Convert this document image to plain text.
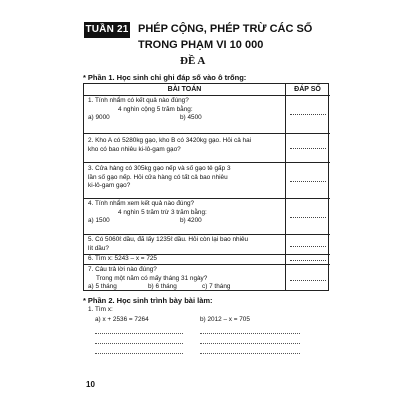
TUẦN 21 PHÉP CỘNG, PHÉP TRỪ CÁC SỐ
TRONG PHẠM VI 10 000
ĐỀ A
* Phần 1. Học sinh chỉ ghi đáp số vào ô trống:
BÀI TOÁN	ĐÁP SỐ
1. Tính nhẩm có kết quả nào đúng?
4 nghìn cộng 5 trăm bằng:
a) 9000	b) 4500
2. Kho A có 5280kg gạo, kho B có 3420kg gạo. Hỏi cả hai
kho có bao nhiêu ki-lô-gam gạo?
3. Cửa hàng có 305kg gạo nếp và số gạo tẻ gấp 3
lần số gạo nếp. Hỏi cửa hàng có tất cả bao nhiêu
ki-lô-gam gạo?
4. Tính nhẩm xem kết quả nào đúng?
4 nghìn 5 trăm trừ 3 trăm bằng:
a) 1500	b) 4200
5. Có 5060ℓ dầu, đã lấy 1235ℓ dầu. Hỏi còn lại bao nhiêu
lít dầu?
6. Tìm x: 5243 – x = 725
7. Câu trả lời nào đúng?
Trong một năm có mấy tháng 31 ngày?
a) 5 tháng	b) 6 tháng	c) 7 tháng
* Phần 2. Học sinh trình bày bài làm:
1. Tìm x:
a) x + 2536 = 7264	b) 2012 – x = 705
10
